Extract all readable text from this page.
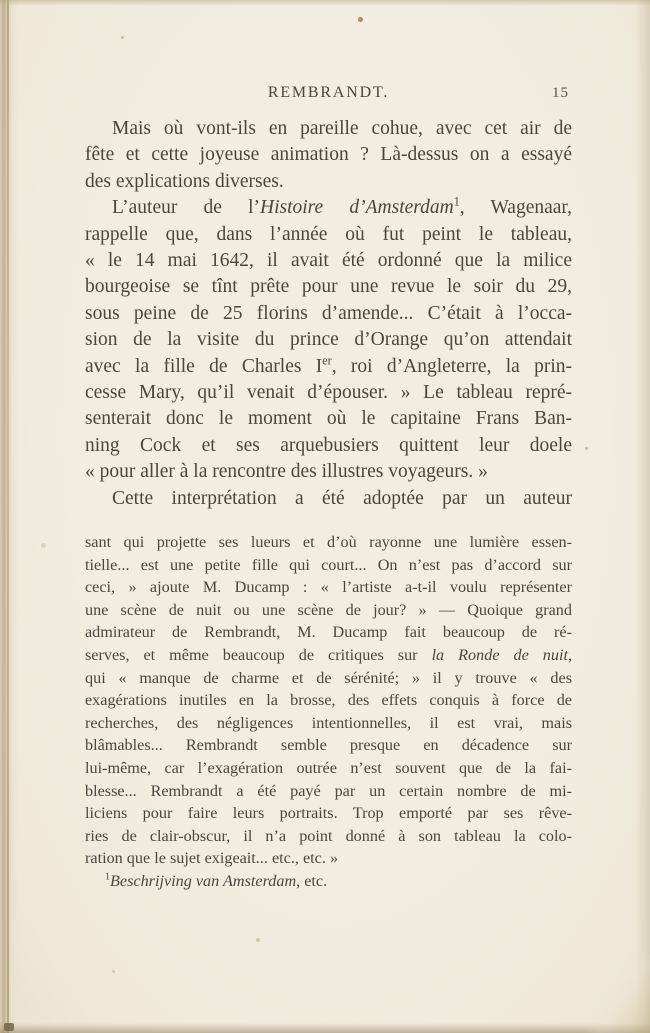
REMBRANDT.	15
Mais où vont-ils en pareille cohue, avec cet air de
fête et cette joyeuse animation ? Là-dessus on a essayé
des explications diverses.
L’auteur de l’Histoire d’Amsterdam$^1$, Wagenaar,
rappelle que, dans l’année où fut peint le tableau,
« le 14 mai 1642, il avait été ordonné que la milice
bourgeoise se tînt prête pour une revue le soir du 29,
sous peine de 25 florins d’amende... C’était à l’occa-
sion de la visite du prince d’Orange qu’on attendait
avec la fille de Charles Ier, roi d’Angleterre, la prin-
cesse Mary, qu’il venait d’épouser. » Le tableau repré-
senterait donc le moment où le capitaine Frans Ban-
ning Cock et ses arquebusiers quittent leur doele
« pour aller à la rencontre des illustres voyageurs. »
Cette interprétation a été adoptée par un auteur
sant qui projette ses lueurs et d’où rayonne une lumière essen-
tielle... est une petite fille qui court... On n’est pas d’accord sur
ceci, » ajoute M. Ducamp : « l’artiste a-t-il voulu représenter
une scène de nuit ou une scène de jour? » — Quoique grand
admirateur de Rembrandt, M. Ducamp fait beaucoup de ré-
serves, et même beaucoup de critiques sur la Ronde de nuit,
qui « manque de charme et de sérénité; » il y trouve « des
exagérations inutiles en la brosse, des effets conquis à force de
recherches, des négligences intentionnelles, il est vrai, mais
blâmables... Rembrandt semble presque en décadence sur
lui-même, car l’exagération outrée n’est souvent que de la fai-
blesse... Rembrandt a été payé par un certain nombre de mi-
liciens pour faire leurs portraits. Trop emporté par ses rêve-
ries de clair-obscur, il n’a point donné à son tableau la colo-
ration que le sujet exigeait... etc., etc. »
$^1$Beschrijving van Amsterdam, etc.
